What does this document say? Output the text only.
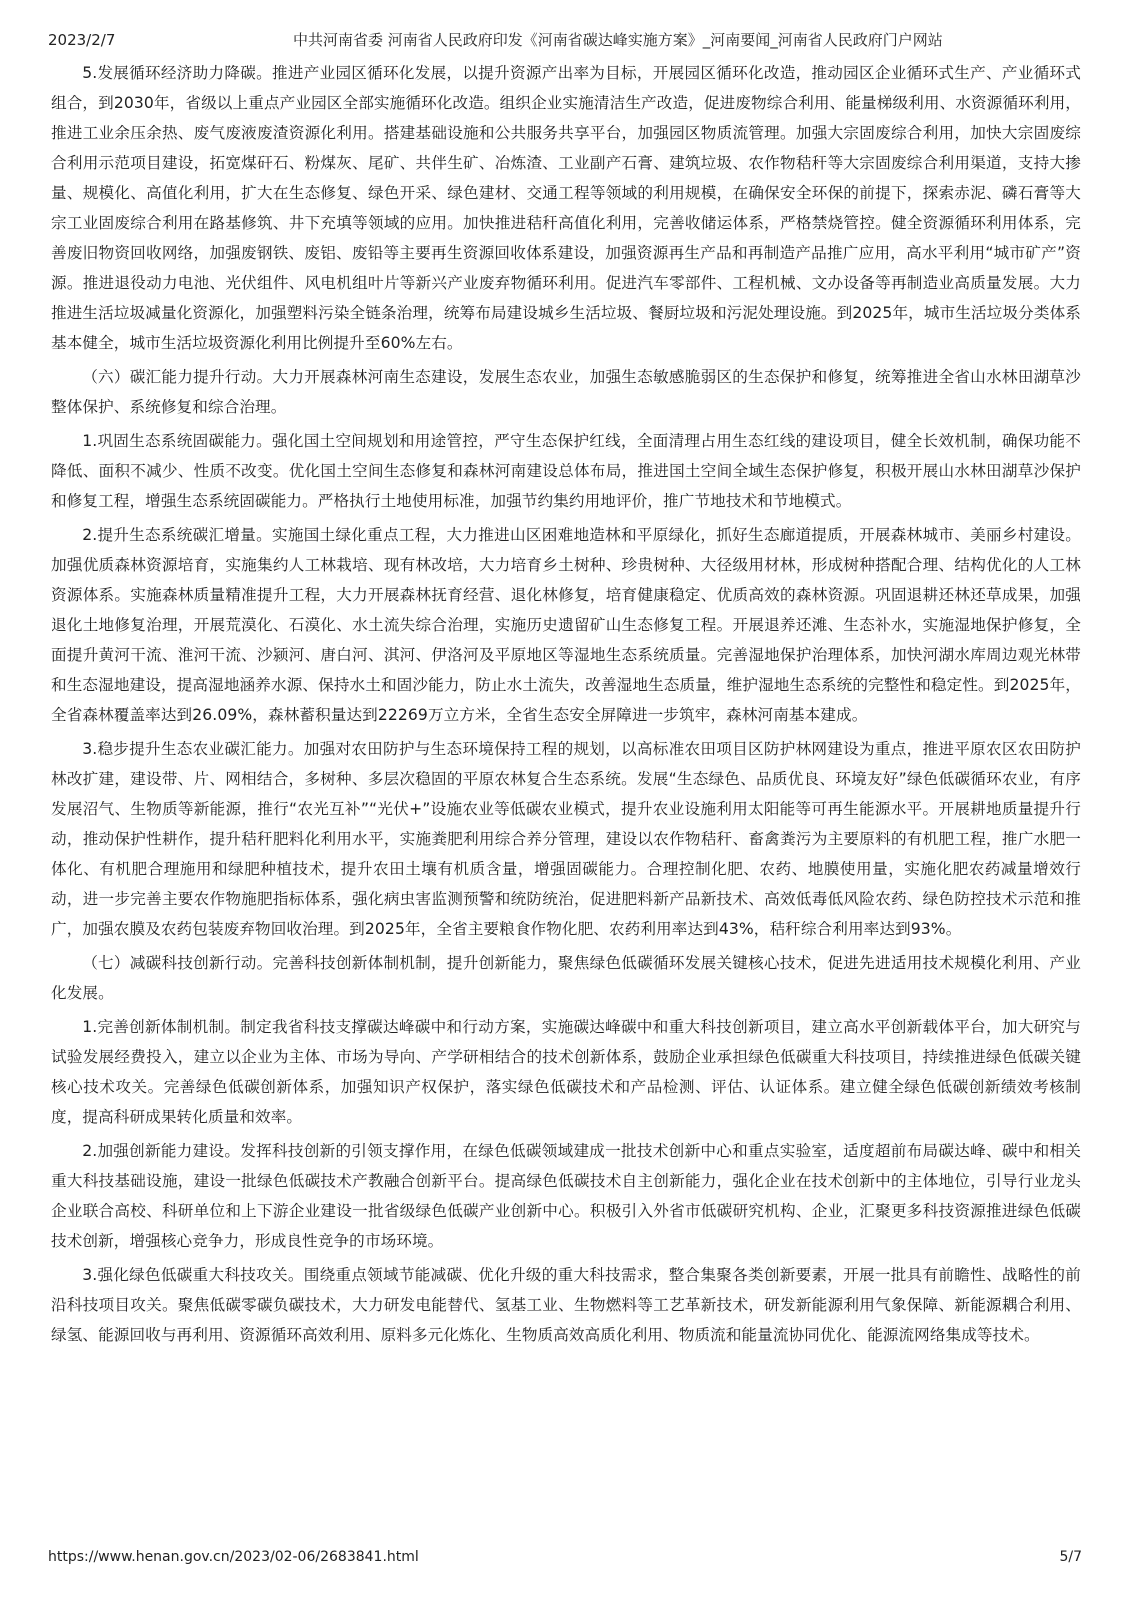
2023/2/7	中共河南省委 河南省人民政府印发《河南省碳达峰实施方案》_河南要闻_河南省人民政府门户网站

5.发展循环经济助力降碳。推进产业园区循环化发展，以提升资源产出率为目标，开展园区循环化改造，推动园区企业循环式生产、产业循环式组合，到2030年，省级以上重点产业园区全部实施循环化改造。组织企业实施清洁生产改造，促进废物综合利用、能量梯级利用、水资源循环利用，推进工业余压余热、废气废液废渣资源化利用。搭建基础设施和公共服务共享平台，加强园区物质流管理。加强大宗固废综合利用，加快大宗固废综合利用示范项目建设，拓宽煤矸石、粉煤灰、尾矿、共伴生矿、冶炼渣、工业副产石膏、建筑垃圾、农作物秸秆等大宗固废综合利用渠道，支持大掺量、规模化、高值化利用，扩大在生态修复、绿色开采、绿色建材、交通工程等领域的利用规模，在确保安全环保的前提下，探索赤泥、磷石膏等大宗工业固废综合利用在路基修筑、井下充填等领域的应用。加快推进秸秆高值化利用，完善收储运体系，严格禁烧管控。健全资源循环利用体系，完善废旧物资回收网络，加强废钢铁、废铝、废铅等主要再生资源回收体系建设，加强资源再生产品和再制造产品推广应用，高水平利用“城市矿产”资源。推进退役动力电池、光伏组件、风电机组叶片等新兴产业废弃物循环利用。促进汽车零部件、工程机械、文办设备等再制造业高质量发展。大力推进生活垃圾减量化资源化，加强塑料污染全链条治理，统筹布局建设城乡生活垃圾、餐厨垃圾和污泥处理设施。到2025年，城市生活垃圾分类体系基本健全，城市生活垃圾资源化利用比例提升至60%左右。

（六）碳汇能力提升行动。大力开展森林河南生态建设，发展生态农业，加强生态敏感脆弱区的生态保护和修复，统筹推进全省山水林田湖草沙整体保护、系统修复和综合治理。

1.巩固生态系统固碳能力。强化国土空间规划和用途管控，严守生态保护红线，全面清理占用生态红线的建设项目，健全长效机制，确保功能不降低、面积不减少、性质不改变。优化国土空间生态修复和森林河南建设总体布局，推进国土空间全域生态保护修复，积极开展山水林田湖草沙保护和修复工程，增强生态系统固碳能力。严格执行土地使用标准，加强节约集约用地评价，推广节地技术和节地模式。

2.提升生态系统碳汇增量。实施国土绿化重点工程，大力推进山区困难地造林和平原绿化，抓好生态廊道提质，开展森林城市、美丽乡村建设。加强优质森林资源培育，实施集约人工林栽培、现有林改培，大力培育乡土树种、珍贵树种、大径级用材林，形成树种搭配合理、结构优化的人工林资源体系。实施森林质量精准提升工程，大力开展森林抚育经营、退化林修复，培育健康稳定、优质高效的森林资源。巩固退耕还林还草成果，加强退化土地修复治理，开展荒漠化、石漠化、水土流失综合治理，实施历史遗留矿山生态修复工程。开展退养还滩、生态补水，实施湿地保护修复，全面提升黄河干流、淮河干流、沙颍河、唐白河、淇河、伊洛河及平原地区等湿地生态系统质量。完善湿地保护治理体系，加快河湖水库周边观光林带和生态湿地建设，提高湿地涵养水源、保持水土和固沙能力，防止水土流失，改善湿地生态质量，维护湿地生态系统的完整性和稳定性。到2025年，全省森林覆盖率达到26.09%，森林蓄积量达到22269万立方米，全省生态安全屏障进一步筑牢，森林河南基本建成。

3.稳步提升生态农业碳汇能力。加强对农田防护与生态环境保持工程的规划，以高标准农田项目区防护林网建设为重点，推进平原农区农田防护林改扩建，建设带、片、网相结合，多树种、多层次稳固的平原农林复合生态系统。发展“生态绿色、品质优良、环境友好”绿色低碳循环农业，有序发展沼气、生物质等新能源，推行“农光互补”“光伏+”设施农业等低碳农业模式，提升农业设施利用太阳能等可再生能源水平。开展耕地质量提升行动，推动保护性耕作，提升秸秆肥料化利用水平，实施粪肥利用综合养分管理，建设以农作物秸秆、畜禽粪污为主要原料的有机肥工程，推广水肥一体化、有机肥合理施用和绿肥种植技术，提升农田土壤有机质含量，增强固碳能力。合理控制化肥、农药、地膜使用量，实施化肥农药减量增效行动，进一步完善主要农作物施肥指标体系，强化病虫害监测预警和统防统治，促进肥料新产品新技术、高效低毒低风险农药、绿色防控技术示范和推广，加强农膜及农药包装废弃物回收治理。到2025年，全省主要粮食作物化肥、农药利用率达到43%，秸秆综合利用率达到93%。

（七）减碳科技创新行动。完善科技创新体制机制，提升创新能力，聚焦绿色低碳循环发展关键核心技术，促进先进适用技术规模化利用、产业化发展。

1.完善创新体制机制。制定我省科技支撑碳达峰碳中和行动方案，实施碳达峰碳中和重大科技创新项目，建立高水平创新载体平台，加大研究与试验发展经费投入，建立以企业为主体、市场为导向、产学研相结合的技术创新体系，鼓励企业承担绿色低碳重大科技项目，持续推进绿色低碳关键核心技术攻关。完善绿色低碳创新体系，加强知识产权保护，落实绿色低碳技术和产品检测、评估、认证体系。建立健全绿色低碳创新绩效考核制度，提高科研成果转化质量和效率。

2.加强创新能力建设。发挥科技创新的引领支撑作用，在绿色低碳领域建成一批技术创新中心和重点实验室，适度超前布局碳达峰、碳中和相关重大科技基础设施，建设一批绿色低碳技术产教融合创新平台。提高绿色低碳技术自主创新能力，强化企业在技术创新中的主体地位，引导行业龙头企业联合高校、科研单位和上下游企业建设一批省级绿色低碳产业创新中心。积极引入外省市低碳研究机构、企业，汇聚更多科技资源推进绿色低碳技术创新，增强核心竞争力，形成良性竞争的市场环境。

3.强化绿色低碳重大科技攻关。围绕重点领域节能减碳、优化升级的重大科技需求，整合集聚各类创新要素，开展一批具有前瞻性、战略性的前沿科技项目攻关。聚焦低碳零碳负碳技术，大力研发电能替代、氢基工业、生物燃料等工艺革新技术，研发新能源利用气象保障、新能源耦合利用、绿氢、能源回收与再利用、资源循环高效利用、原料多元化炼化、生物质高效高质化利用、物质流和能量流协同优化、能源流网络集成等技术。

https://www.henan.gov.cn/2023/02-06/2683841.html	5/7
